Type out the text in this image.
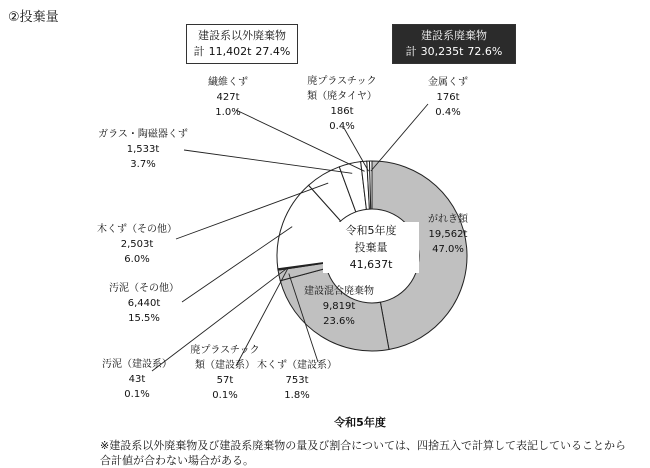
②投棄量
建設系以外廃棄物
計 11,402t 27.4%
建設系廃棄物
計 30,235t 72.6%
令和5年度
投棄量
41,637t
がれき類
19,562t
47.0%
建設混合廃棄物
9,819t
23.6%
木くず（建設系）
753t
1.8%
廃プラスチック
類（建設系）
57t
0.1%
汚泥（建設系）
43t
0.1%
汚泥（その他）
6,440t
15.5%
木くず（その他）
2,503t
6.0%
ガラス・陶磁器くず
1,533t
3.7%
繊維くず
427t
1.0%
廃プラスチック
類（廃タイヤ）
186t
0.4%
金属くず
176t
0.4%
令和5年度
※建設系以外廃棄物及び建設系廃棄物の量及び割合については、四捨五入で計算して表記していることから
合計値が合わない場合がある。
